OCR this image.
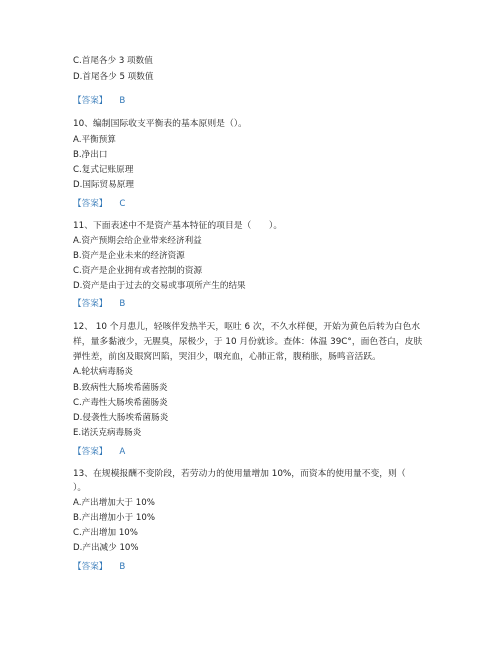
C.首尾各少 3 项数值
D.首尾各少 5 项数值
【答案】 B
10、编制国际收支平衡表的基本原则是（）。
A.平衡预算
B.净出口
C.复式记账原理
D.国际贸易原理
【答案】 C
11、下面表述中不是资产基本特征的项目是（　　）。
A.资产预期会给企业带来经济利益
B.资产是企业未来的经济资源
C.资产是企业拥有或者控制的资源
D.资产是由于过去的交易或事项所产生的结果
【答案】 B
12、 10 个月患儿，轻咳伴发热半天，呕吐 6 次，不久水样便，开始为黄色后转为白色水
样，量多黏液少，无腥臭，尿极少，于 10 月份就诊。查体：体温 39C°，面色苍白，皮肤
弹性差，前囟及眼窝凹陷，哭泪少，咽充血，心肺正常，腹稍胀，肠鸣音活跃。
A.轮状病毒肠炎
B.致病性大肠埃希菌肠炎
C.产毒性大肠埃希菌肠炎
D.侵袭性大肠埃希菌肠炎
E.诺沃克病毒肠炎
【答案】 A
13、在规模报酬不变阶段，若劳动力的使用量增加 10%，而资本的使用量不变，则（
）。
A.产出增加大于 10%
B.产出增加小于 10%
C.产出增加 10%
D.产出减少 10%
【答案】 B
